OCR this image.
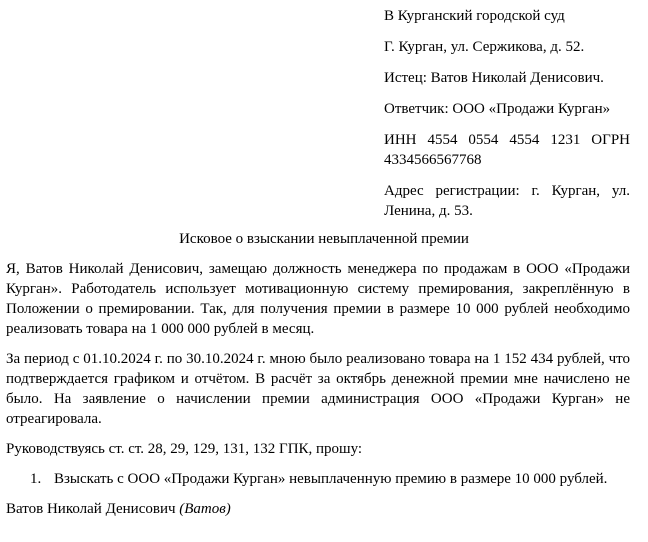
В Курганский городской суд

Г. Курган, ул. Сержикова, д. 52.

Истец: Ватов Николай Денисович.

Ответчик: ООО «Продажи Курган»

ИНН 4554 0554 4554 1231 ОГРН 4334566567768

Адрес регистрации: г. Курган, ул. Ленина, д. 53.

Исковое о взыскании невыплаченной премии

Я, Ватов Николай Денисович, замещаю должность менеджера по продажам в ООО «Продажи Курган». Работодатель использует мотивационную систему премирования, закреплённую в Положении о премировании. Так, для получения премии в размере 10 000 рублей необходимо реализовать товара на 1 000 000 рублей в месяц.

За период с 01.10.2024 г. по 30.10.2024 г. мною было реализовано товара на 1 152 434 рублей, что подтверждается графиком и отчётом. В расчёт за октябрь денежной премии мне начислено не было. На заявление о начислении премии администрация ООО «Продажи Курган» не отреагировала.

Руководствуясь ст. ст. 28, 29, 129, 131, 132 ГПК, прошу:

1. Взыскать с ООО «Продажи Курган» невыплаченную премию в размере 10 000 рублей.

Ватов Николай Денисович (Ватов)
